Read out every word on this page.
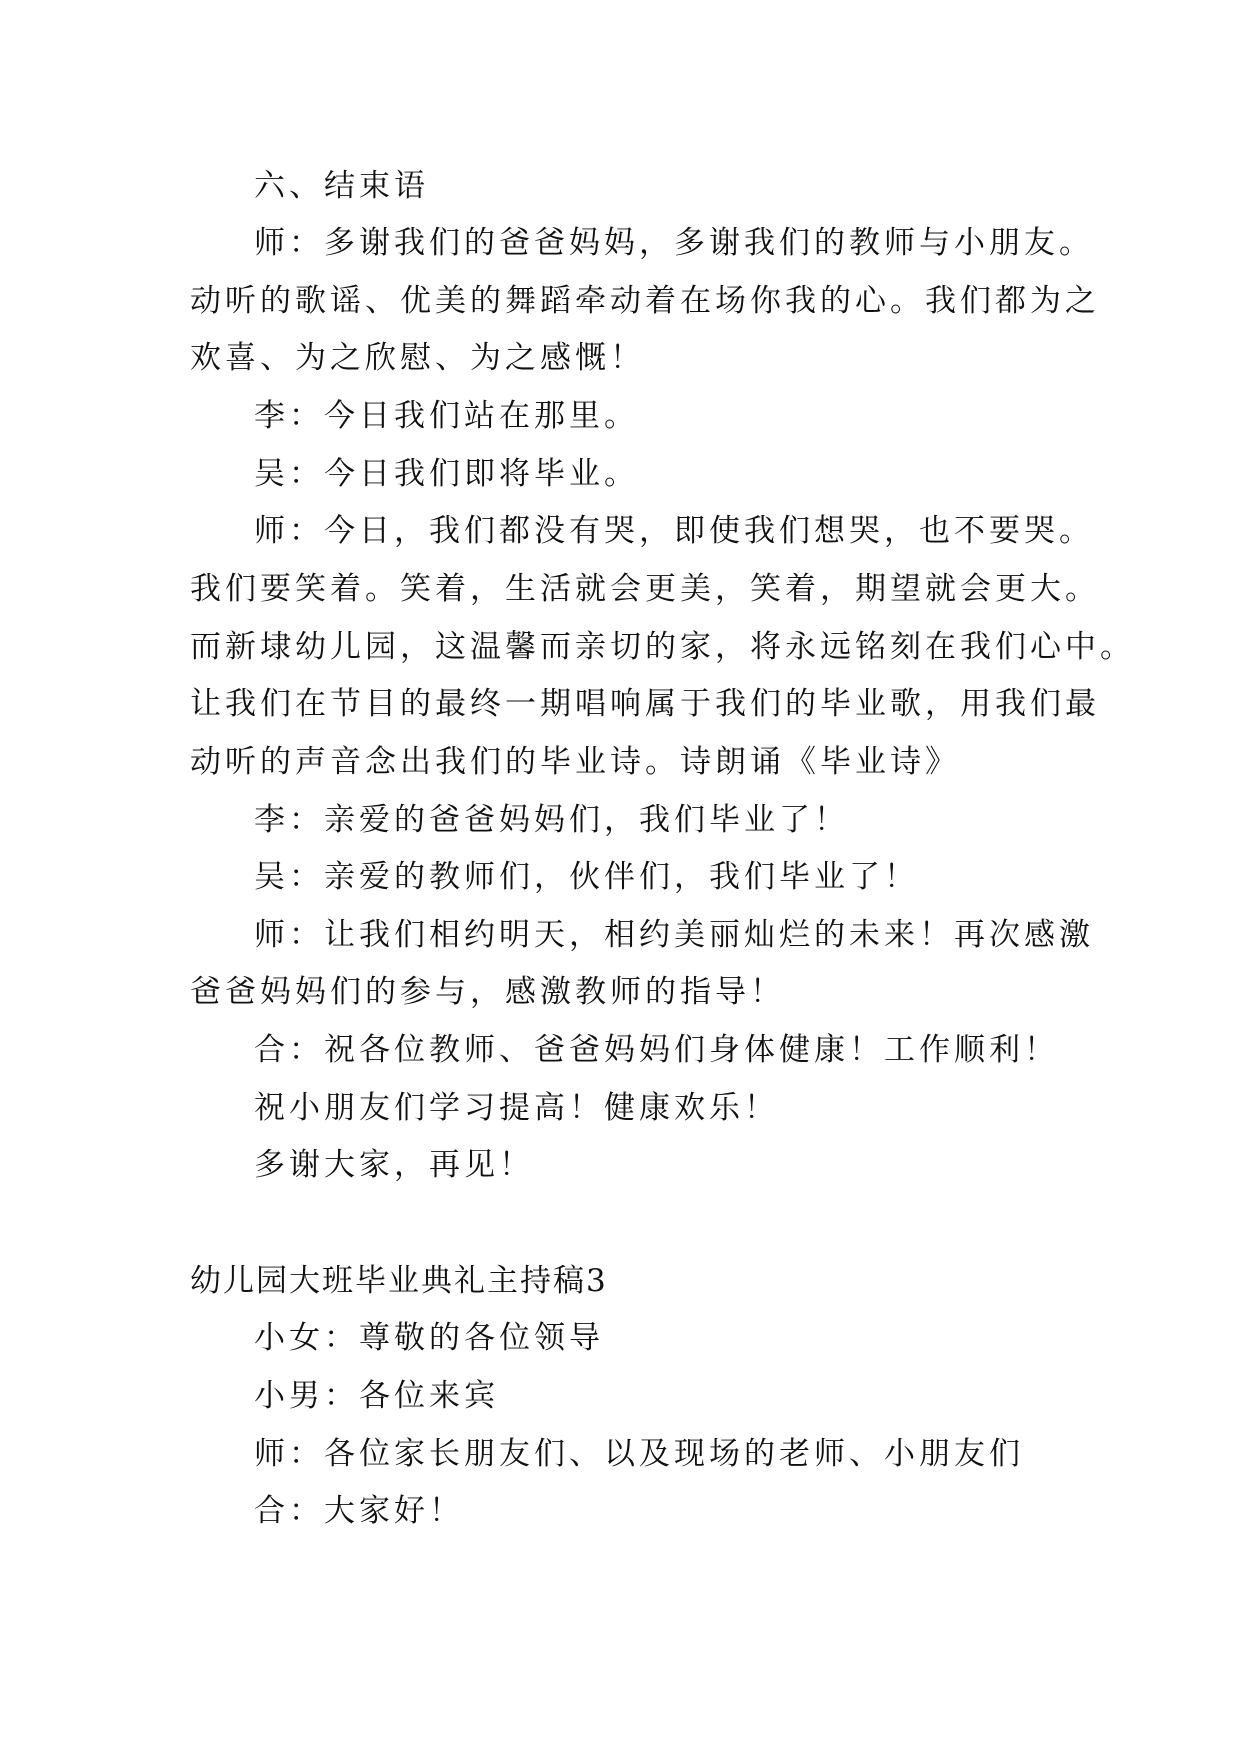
六、结束语
师：多谢我们的爸爸妈妈，多谢我们的教师与小朋友。
动听的歌谣、优美的舞蹈牵动着在场你我的心。我们都为之
欢喜、为之欣慰、为之感慨！
李：今日我们站在那里。
吴：今日我们即将毕业。
师：今日，我们都没有哭，即使我们想哭，也不要哭。
我们要笑着。笑着，生活就会更美，笑着，期望就会更大。
而新埭幼儿园，这温馨而亲切的家，将永远铭刻在我们心中。
让我们在节目的最终一期唱响属于我们的毕业歌，用我们最
动听的声音念出我们的毕业诗。诗朗诵《毕业诗》
李：亲爱的爸爸妈妈们，我们毕业了！
吴：亲爱的教师们，伙伴们，我们毕业了！
师：让我们相约明天，相约美丽灿烂的未来！再次感激
爸爸妈妈们的参与，感激教师的指导！
合：祝各位教师、爸爸妈妈们身体健康！工作顺利！
祝小朋友们学习提高！健康欢乐！
多谢大家，再见！
幼儿园大班毕业典礼主持稿3
小女：尊敬的各位领导
小男：各位来宾
师：各位家长朋友们、以及现场的老师、小朋友们
合：大家好！
